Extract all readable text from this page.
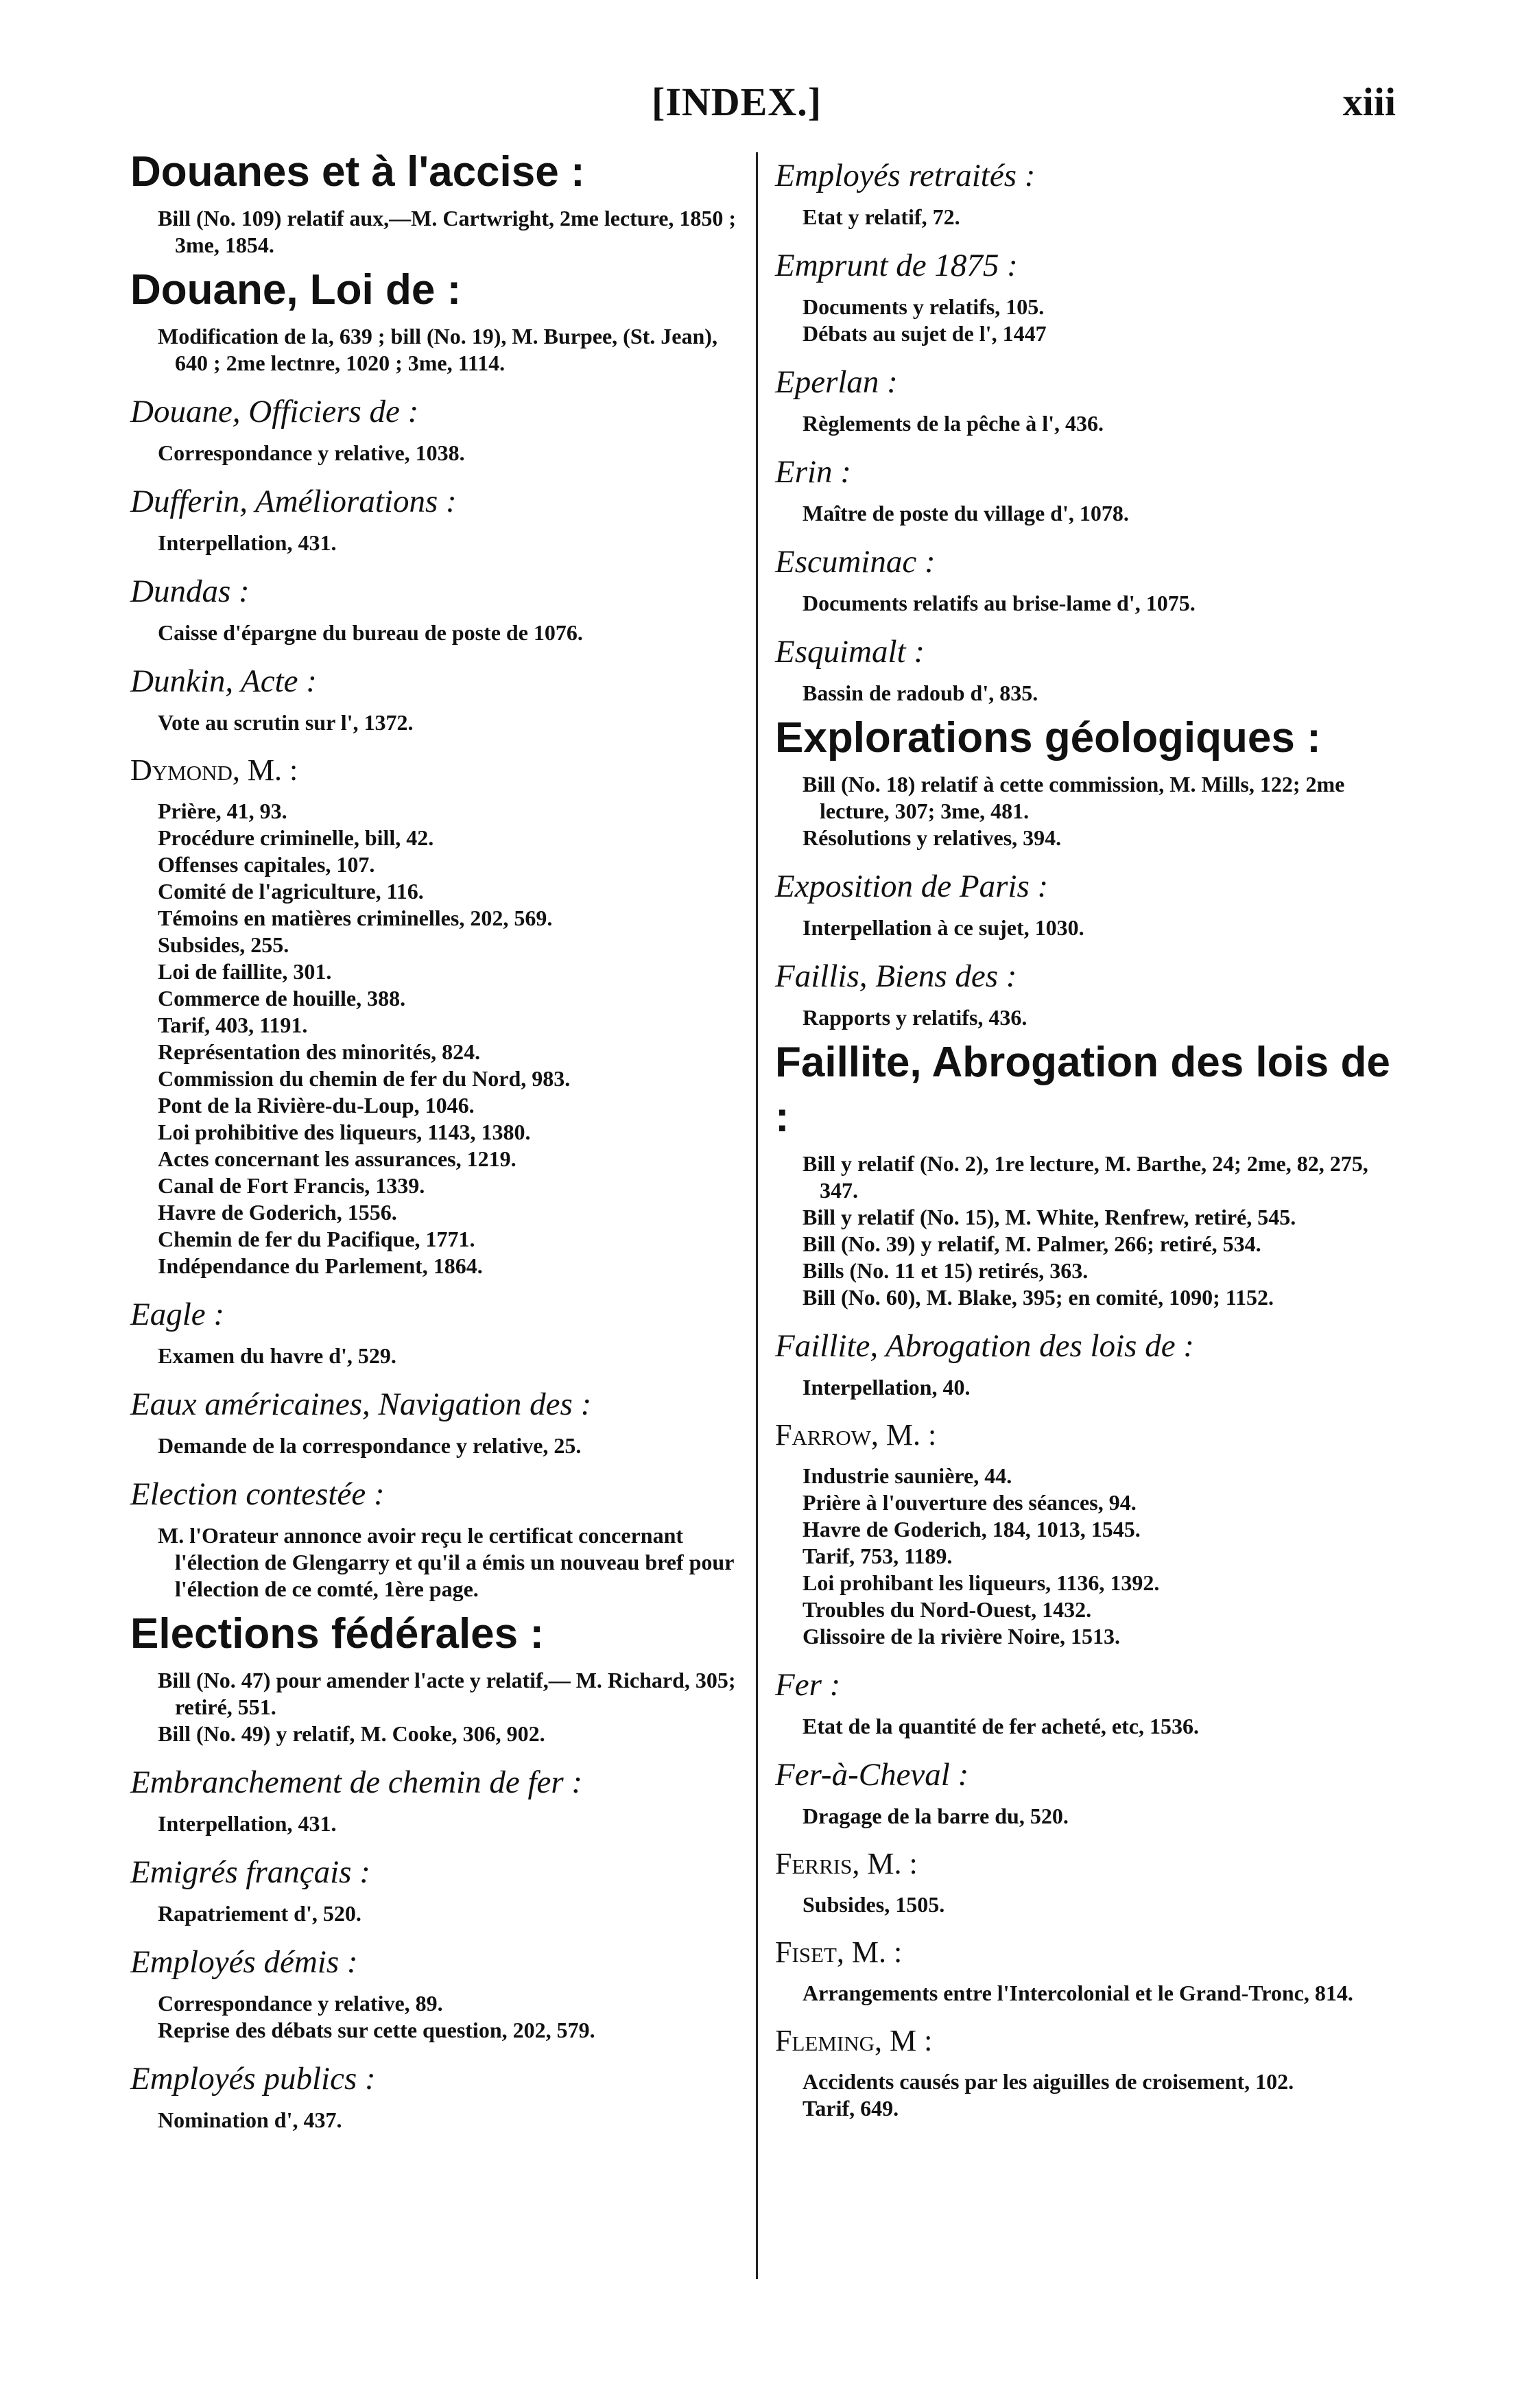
[INDEX.]	xiii
Douanes et à l'accise :
Bill (No. 109) relatif aux,—M. Cartwright, 2me lecture, 1850 ; 3me, 1854.
Douane, Loi de :
Modification de la, 639 ; bill (No. 19), M. Burpee, (St. Jean), 640 ; 2me lectnre, 1020 ; 3me, 1114.
Douane, Officiers de :
Correspondance y relative, 1038.
Dufferin, Améliorations :
Interpellation, 431.
Dundas :
Caisse d'épargne du bureau de poste de 1076.
Dunkin, Acte :
Vote au scrutin sur l', 1372.
Dymond, M. :
Prière, 41, 93.
Procédure criminelle, bill, 42.
Offenses capitales, 107.
Comité de l'agriculture, 116.
Témoins en matières criminelles, 202, 569.
Subsides, 255.
Loi de faillite, 301.
Commerce de houille, 388.
Tarif, 403, 1191.
Représentation des minorités, 824.
Commission du chemin de fer du Nord, 983.
Pont de la Rivière-du-Loup, 1046.
Loi prohibitive des liqueurs, 1143, 1380.
Actes concernant les assurances, 1219.
Canal de Fort Francis, 1339.
Havre de Goderich, 1556.
Chemin de fer du Pacifique, 1771.
Indépendance du Parlement, 1864.
Eagle :
Examen du havre d', 529.
Eaux américaines, Navigation des :
Demande de la correspondance y relative, 25.
Election contestée :
M. l'Orateur annonce avoir reçu le certificat concernant l'élection de Glengarry et qu'il a émis un nouveau bref pour l'élection de ce comté, 1ère page.
Elections fédérales :
Bill (No. 47) pour amender l'acte y relatif,— M. Richard, 305; retiré, 551.
Bill (No. 49) y relatif, M. Cooke, 306, 902.
Embranchement de chemin de fer :
Interpellation, 431.
Emigrés français :
Rapatriement d', 520.
Employés démis :
Correspondance y relative, 89.
Reprise des débats sur cette question, 202, 579.
Employés publics :
Nomination d', 437.
Employés retraités :
Etat y relatif, 72.
Emprunt de 1875 :
Documents y relatifs, 105.
Débats au sujet de l', 1447
Eperlan :
Règlements de la pêche à l', 436.
Erin :
Maître de poste du village d', 1078.
Escuminac :
Documents relatifs au brise-lame d', 1075.
Esquimalt :
Bassin de radoub d', 835.
Explorations géologiques :
Bill (No. 18) relatif à cette commission, M. Mills, 122; 2me lecture, 307; 3me, 481.
Résolutions y relatives, 394.
Exposition de Paris :
Interpellation à ce sujet, 1030.
Faillis, Biens des :
Rapports y relatifs, 436.
Faillite, Abrogation des lois de :
Bill y relatif (No. 2), 1re lecture, M. Barthe, 24; 2me, 82, 275, 347.
Bill y relatif (No. 15), M. White, Renfrew, retiré, 545.
Bill (No. 39) y relatif, M. Palmer, 266; retiré, 534.
Bills (No. 11 et 15) retirés, 363.
Bill (No. 60), M. Blake, 395; en comité, 1090; 1152.
Faillite, Abrogation des lois de :
Interpellation, 40.
Farrow, M. :
Industrie saunière, 44.
Prière à l'ouverture des séances, 94.
Havre de Goderich, 184, 1013, 1545.
Tarif, 753, 1189.
Loi prohibant les liqueurs, 1136, 1392.
Troubles du Nord-Ouest, 1432.
Glissoire de la rivière Noire, 1513.
Fer :
Etat de la quantité de fer acheté, etc, 1536.
Fer-à-Cheval :
Dragage de la barre du, 520.
Ferris, M. :
Subsides, 1505.
Fiset, M. :
Arrangements entre l'Intercolonial et le Grand-Tronc, 814.
Fleming, M :
Accidents causés par les aiguilles de croisement, 102.
Tarif, 649.
